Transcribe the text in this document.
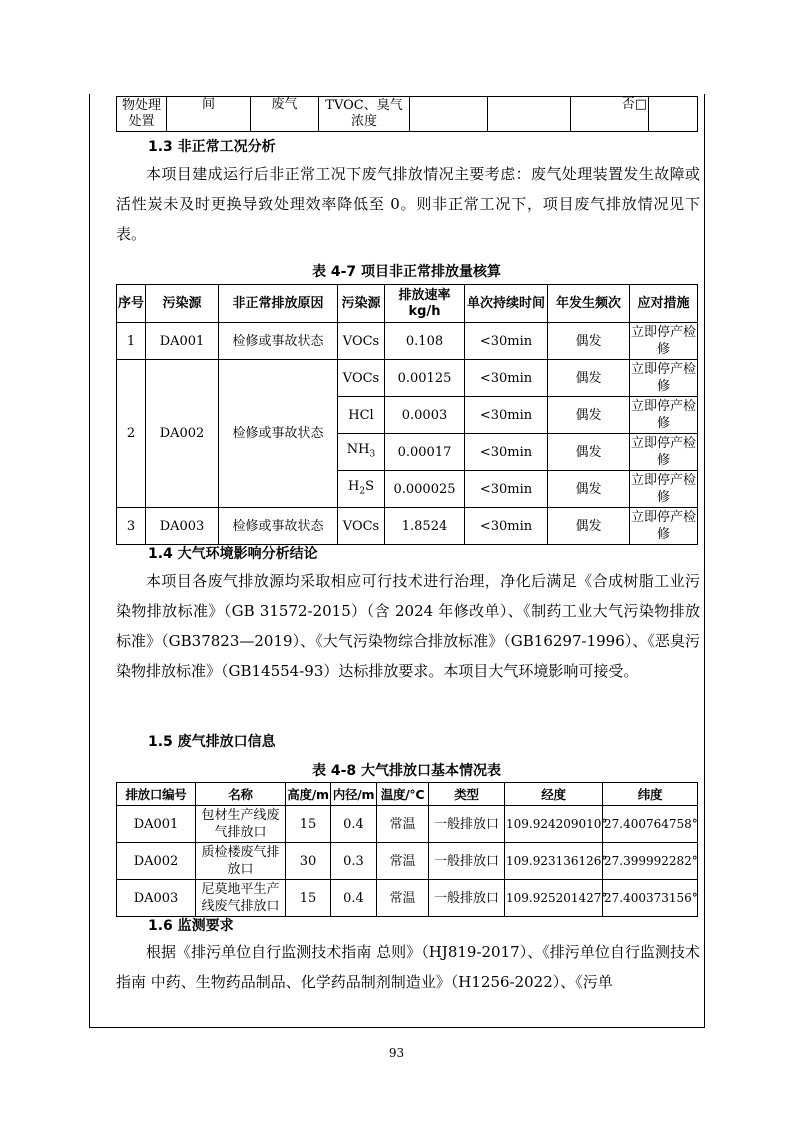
物处理处置	间	废气	TVOC、臭气浓度			否□	
1.3 非正常工况分析

本项目建成运行后非正常工况下废气排放情况主要考虑：废气处理装置发生故障或活性炭未及时更换导致处理效率降低至 0。则非正常工况下，项目废气排放情况见下表。

表 4-7 项目非正常排放量核算
序号	污染源	非正常排放原因	污染源	排放速率kg/h	单次持续时间	年发生频次	应对措施
1	DA001	检修或事故状态	VOCs	0.108	<30min	偶发	立即停产检修
2	DA002	检修或事故状态	VOCs	0.00125	<30min	偶发	立即停产检修
			HCl	0.0003	<30min	偶发	立即停产检修
			$NH_3$	0.00017	<30min	偶发	立即停产检修
			$H_2S$	0.000025	<30min	偶发	立即停产检修
3	DA003	检修或事故状态	VOCs	1.8524	<30min	偶发	立即停产检修
1.4 大气环境影响分析结论

本项目各废气排放源均采取相应可行技术进行治理，净化后满足《合成树脂工业污染物排放标准》（GB 31572-2015）（含 2024 年修改单）、《制药工业大气污染物排放标准》（GB37823—2019）、《大气污染物综合排放标准》（GB16297-1996）、《恶臭污染物排放标准》（GB14554-93）达标排放要求。本项目大气环境影响可接受。

1.5 废气排放口信息
表 4-8 大气排放口基本情况表
排放口编号	名称	高度/m	内径/m	温度/°C	类型	经度	纬度
DA001	包材生产线废气排放口	15	0.4	常温	一般排放口	109.924209010°	27.400764758°
DA002	质检楼废气排放口	30	0.3	常温	一般排放口	109.923136126°	27.399992282°
DA003	尼莫地平生产线废气排放口	15	0.4	常温	一般排放口	109.925201427°	27.400373156°
1.6 监测要求

根据《排污单位自行监测技术指南 总则》（HJ819-2017）、《排污单位自行监测技术指南 中药、生物药品制品、化学药品制剂制造业》（H1256-2022）、《污单

93
